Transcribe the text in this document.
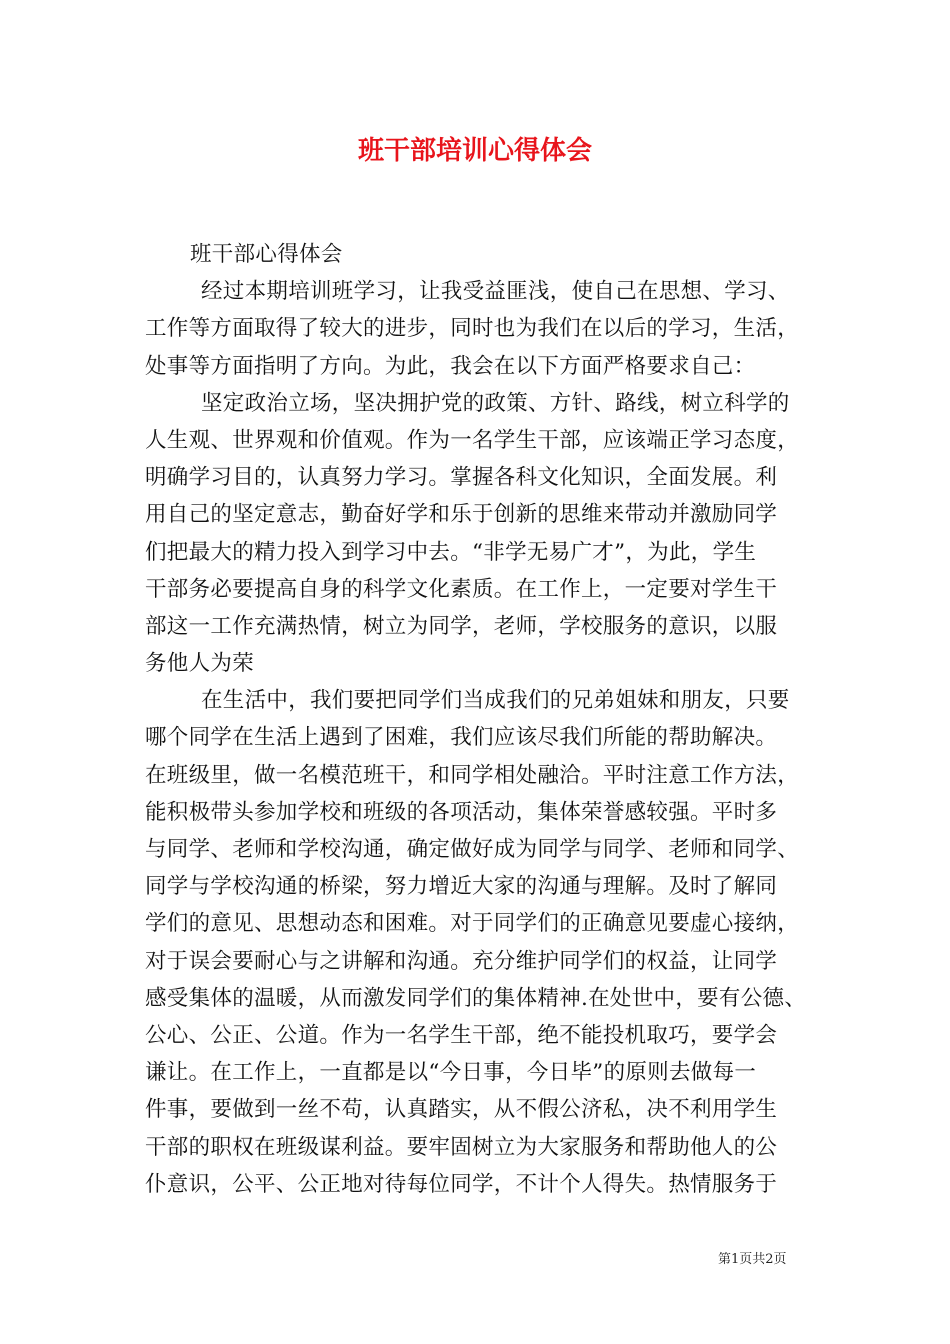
班干部培训心得体会
班干部心得体会
经过本期培训班学习，让我受益匪浅，使自己在思想、学习、
工作等方面取得了较大的进步，同时也为我们在以后的学习，生活，
处事等方面指明了方向。为此，我会在以下方面严格要求自己：
坚定政治立场，坚决拥护党的政策、方针、路线，树立科学的
人生观、世界观和价值观。作为一名学生干部，应该端正学习态度，
明确学习目的，认真努力学习。掌握各科文化知识，全面发展。利
用自己的坚定意志，勤奋好学和乐于创新的思维来带动并激励同学
们把最大的精力投入到学习中去。“非学无易广才”，为此，学生
干部务必要提高自身的科学文化素质。在工作上，一定要对学生干
部这一工作充满热情，树立为同学，老师，学校服务的意识，以服
务他人为荣
在生活中，我们要把同学们当成我们的兄弟姐妹和朋友，只要
哪个同学在生活上遇到了困难，我们应该尽我们所能的帮助解决。
在班级里，做一名模范班干，和同学相处融洽。平时注意工作方法，
能积极带头参加学校和班级的各项活动，集体荣誉感较强。平时多
与同学、老师和学校沟通，确定做好成为同学与同学、老师和同学、
同学与学校沟通的桥梁，努力增近大家的沟通与理解。及时了解同
学们的意见、思想动态和困难。对于同学们的正确意见要虚心接纳，
对于误会要耐心与之讲解和沟通。充分维护同学们的权益，让同学
感受集体的温暖，从而激发同学们的集体精神.在处世中，要有公德、
公心、公正、公道。作为一名学生干部，绝不能投机取巧，要学会
谦让。在工作上，一直都是以“今日事，今日毕”的原则去做每一
件事，要做到一丝不苟，认真踏实，从不假公济私，决不利用学生
干部的职权在班级谋利益。要牢固树立为大家服务和帮助他人的公
仆意识，公平、公正地对待每位同学，不计个人得失。热情服务于
第1页共2页
